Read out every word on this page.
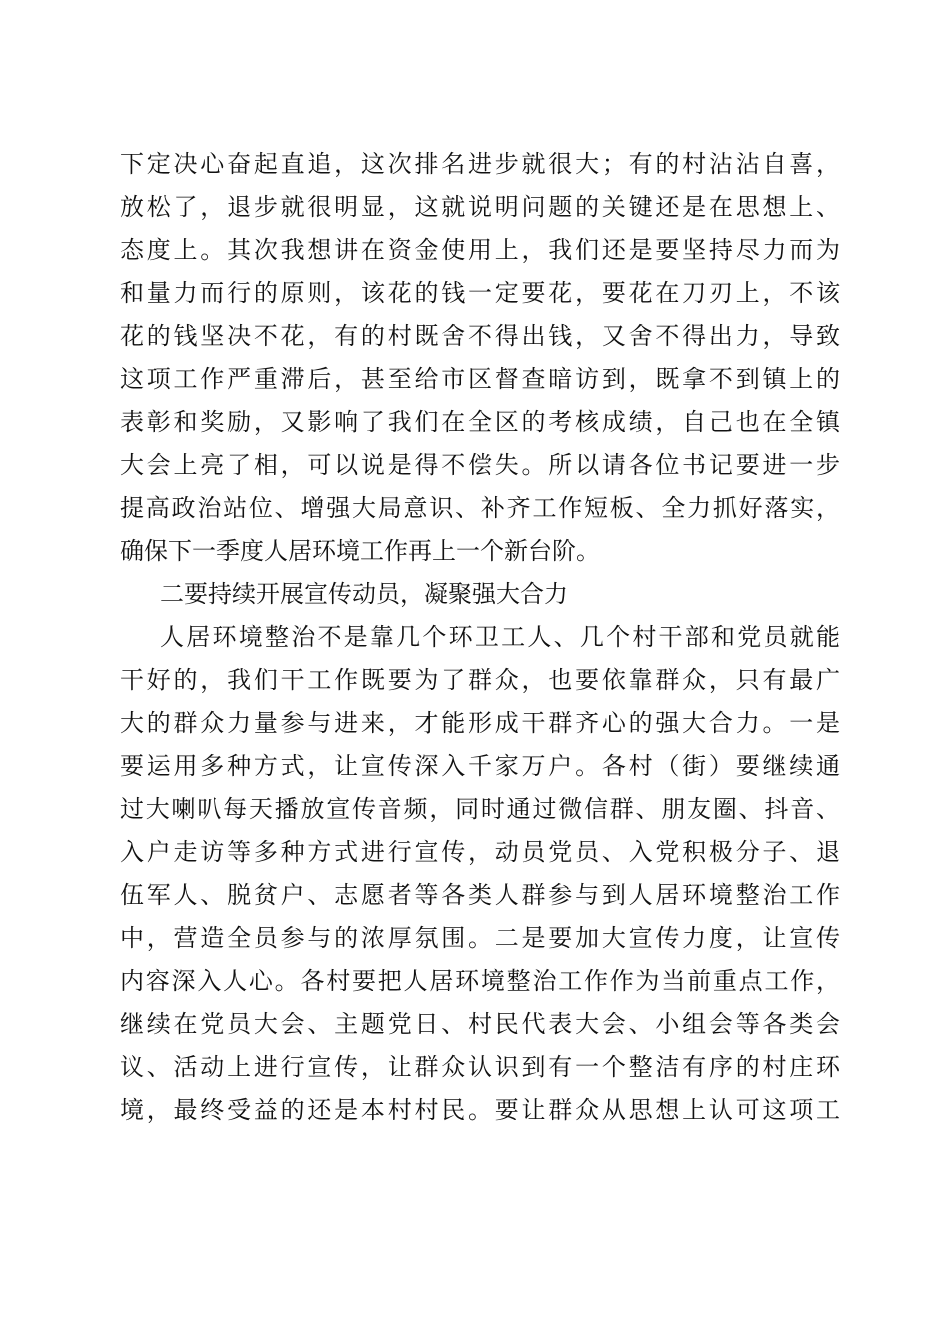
下定决心奋起直追，这次排名进步就很大；有的村沾沾自喜，
放松了，退步就很明显，这就说明问题的关键还是在思想上、
态度上。其次我想讲在资金使用上，我们还是要坚持尽力而为
和量力而行的原则，该花的钱一定要花，要花在刀刃上，不该
花的钱坚决不花，有的村既舍不得出钱，又舍不得出力，导致
这项工作严重滞后，甚至给市区督查暗访到，既拿不到镇上的
表彰和奖励，又影响了我们在全区的考核成绩，自己也在全镇
大会上亮了相，可以说是得不偿失。所以请各位书记要进一步
提高政治站位、增强大局意识、补齐工作短板、全力抓好落实，
确保下一季度人居环境工作再上一个新台阶。
二要持续开展宣传动员，凝聚强大合力
人居环境整治不是靠几个环卫工人、几个村干部和党员就能
干好的，我们干工作既要为了群众，也要依靠群众，只有最广
大的群众力量参与进来，才能形成干群齐心的强大合力。一是
要运用多种方式，让宣传深入千家万户。各村（街）要继续通
过大喇叭每天播放宣传音频，同时通过微信群、朋友圈、抖音、
入户走访等多种方式进行宣传，动员党员、入党积极分子、退
伍军人、脱贫户、志愿者等各类人群参与到人居环境整治工作
中，营造全员参与的浓厚氛围。二是要加大宣传力度，让宣传
内容深入人心。各村要把人居环境整治工作作为当前重点工作，
继续在党员大会、主题党日、村民代表大会、小组会等各类会
议、活动上进行宣传，让群众认识到有一个整洁有序的村庄环
境，最终受益的还是本村村民。要让群众从思想上认可这项工
